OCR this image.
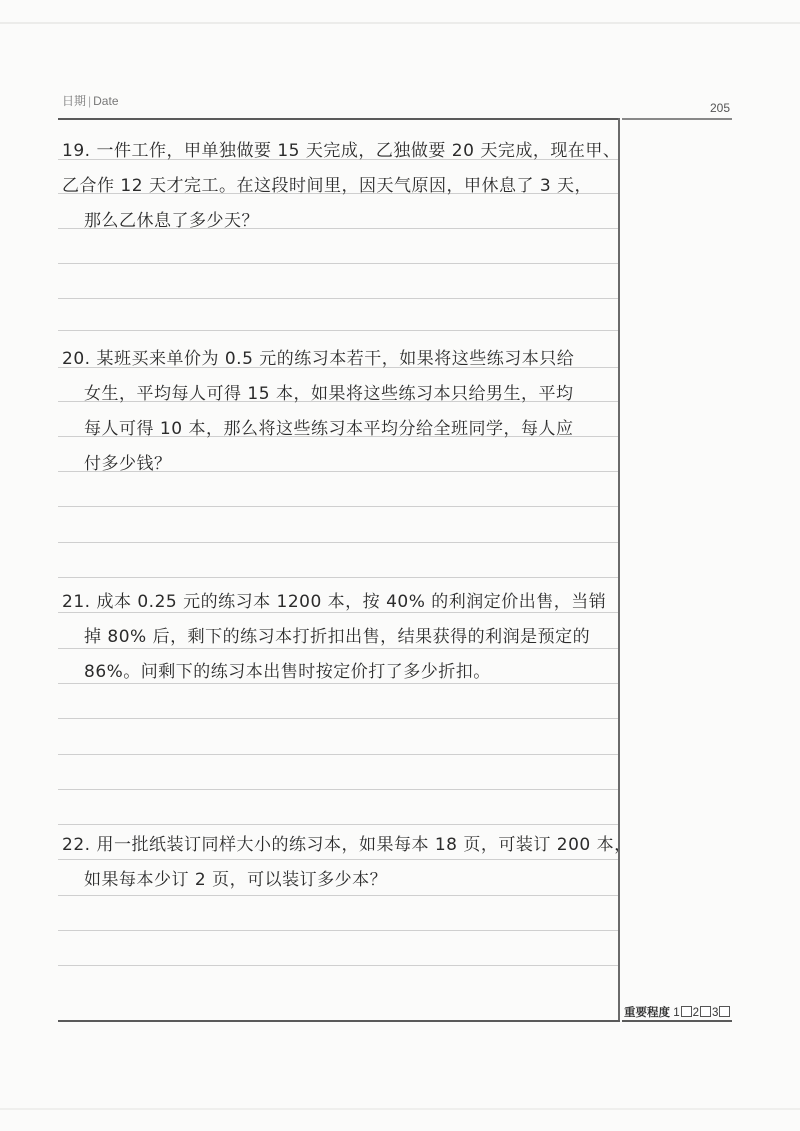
日期 | Date	205
19. 一件工作，甲单独做要 15 天完成，乙独做要 20 天完成，现在甲、
乙合作 12 天才完工。在这段时间里，因天气原因，甲休息了 3 天，
那么乙休息了多少天？
20. 某班买来单价为 0.5 元的练习本若干，如果将这些练习本只给
女生，平均每人可得 15 本，如果将这些练习本只给男生，平均
每人可得 10 本，那么将这些练习本平均分给全班同学，每人应
付多少钱？
21. 成本 0.25 元的练习本 1200 本，按 40% 的利润定价出售，当销
掉 80% 后，剩下的练习本打折扣出售，结果获得的利润是预定的
86%。问剩下的练习本出售时按定价打了多少折扣。
22. 用一批纸装订同样大小的练习本，如果每本 18 页，可装订 200 本，
如果每本少订 2 页，可以装订多少本？
重要程度 1 2 3
